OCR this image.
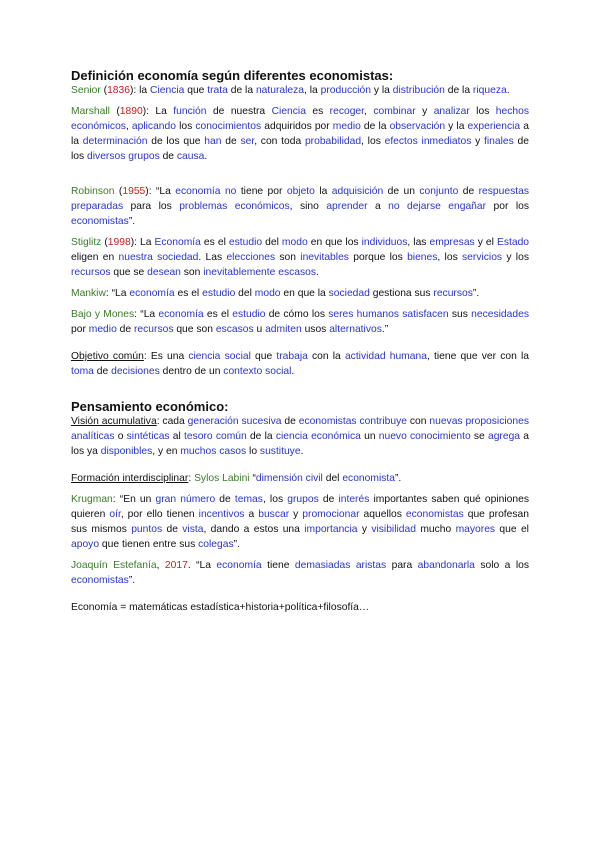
Definición economía según diferentes economistas:

Senior (1836): la Ciencia que trata de la naturaleza, la producción y la distribución de la riqueza.

Marshall (1890): La función de nuestra Ciencia es recoger, combinar y analizar los hechos económicos, aplicando los conocimientos adquiridos por medio de la observación y la experiencia a la determinación de los que han de ser, con toda probabilidad, los efectos inmediatos y finales de los diversos grupos de causa.

Robinson (1955): “La economía no tiene por objeto la adquisición de un conjunto de respuestas preparadas para los problemas económicos, sino aprender a no dejarse engañar por los economistas”.

Stiglitz (1998): La Economía es el estudio del modo en que los individuos, las empresas y el Estado eligen en nuestra sociedad. Las elecciones son inevitables porque los bienes, los servicios y los recursos que se desean son inevitablemente escasos.

Mankiw: “La economía es el estudio del modo en que la sociedad gestiona sus recursos”.

Bajo y Mones: “La economía es el estudio de cómo los seres humanos satisfacen sus necesidades por medio de recursos que son escasos u admiten usos alternativos.”

Objetivo común: Es una ciencia social que trabaja con la actividad humana, tiene que ver con la toma de decisiones dentro de un contexto social.

Pensamiento económico:

Visión acumulativa: cada generación sucesiva de economistas contribuye con nuevas proposiciones analíticas o sintéticas al tesoro común de la ciencia económica un nuevo conocimiento se agrega a los ya disponibles, y en muchos casos lo sustituye.

Formación interdisciplinar: Sylos Labini “dimensión civil del economista”.

Krugman: “En un gran número de temas, los grupos de interés importantes saben qué opiniones quieren oír, por ello tienen incentivos a buscar y promocionar aquellos economistas que profesan sus mismos puntos de vista, dando a estos una importancia y visibilidad mucho mayores que el apoyo que tienen entre sus colegas”.

Joaquín Estefanía, 2017. “La economía tiene demasiadas aristas para abandonarla solo a los economistas”.

Economía = matemáticas estadística+historia+política+filosofía…
